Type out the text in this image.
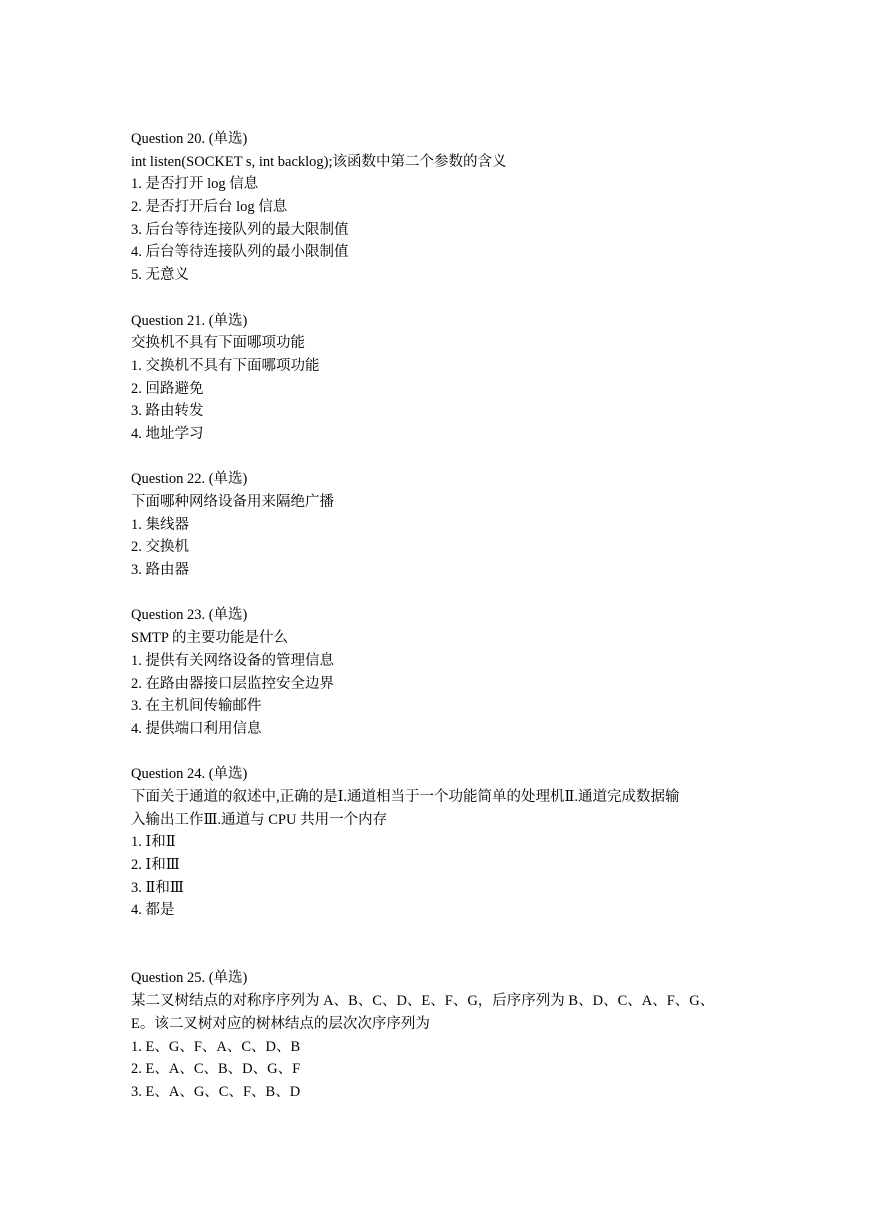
Question 20. (单选)
int listen(SOCKET s, int backlog);该函数中第二个参数的含义
1. 是否打开 log 信息
2. 是否打开后台 log 信息
3. 后台等待连接队列的最大限制值
4. 后台等待连接队列的最小限制值
5. 无意义
Question 21. (单选)
交换机不具有下面哪项功能
1. 交换机不具有下面哪项功能
2. 回路避免
3. 路由转发
4. 地址学习
Question 22. (单选)
下面哪种网络设备用来隔绝广播
1. 集线器
2. 交换机
3. 路由器
Question 23. (单选)
SMTP 的主要功能是什么
1. 提供有关网络设备的管理信息
2. 在路由器接口层监控安全边界
3. 在主机间传输邮件
4. 提供端口利用信息
Question 24. (单选)
下面关于通道的叙述中,正确的是Ⅰ.通道相当于一个功能简单的处理机Ⅱ.通道完成数据输
入输出工作Ⅲ.通道与 CPU 共用一个内存
1. Ⅰ和Ⅱ
2. Ⅰ和Ⅲ
3. Ⅱ和Ⅲ
4. 都是
Question 25. (单选)
某二叉树结点的对称序序列为 A、B、C、D、E、F、G，后序序列为 B、D、C、A、F、G、
E。该二叉树对应的树林结点的层次次序序列为
1. E、G、F、A、C、D、B
2. E、A、C、B、D、G、F
3. E、A、G、C、F、B、D
